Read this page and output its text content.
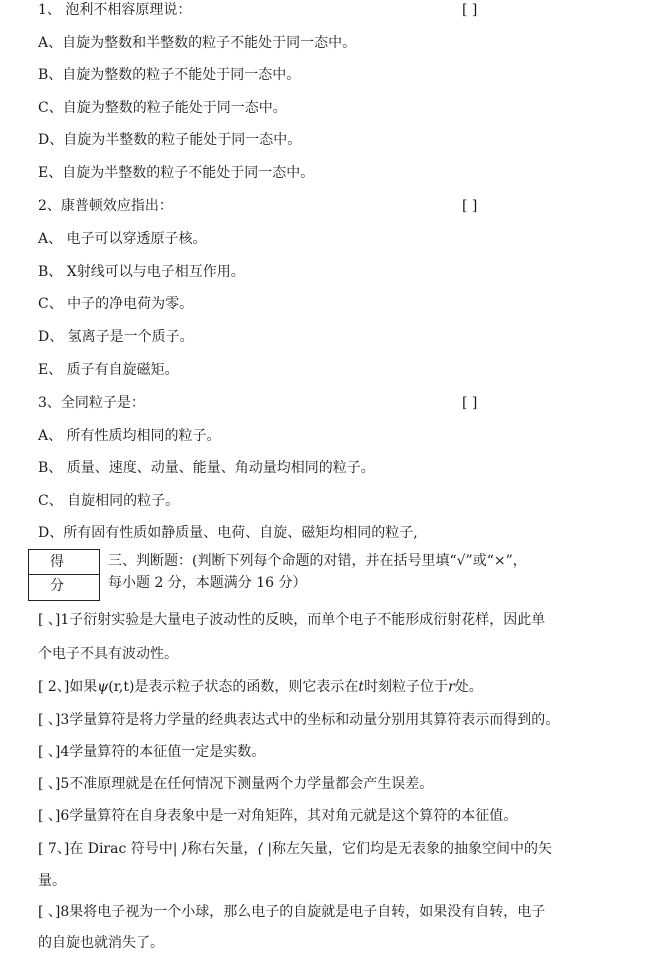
1、 泡利不相容原理说：	[ ]
A、自旋为整数和半整数的粒子不能处于同一态中。
B、自旋为整数的粒子不能处于同一态中。
C、自旋为整数的粒子能处于同一态中。
D、自旋为半整数的粒子能处于同一态中。
E、自旋为半整数的粒子不能处于同一态中。
2、康普顿效应指出：	[ ]
A、 电子可以穿透原子核。
B、 X射线可以与电子相互作用。
C、 中子的净电荷为零。
D、 氢离子是一个质子。
E、 质子有自旋磁矩。
3、全同粒子是：	[ ]
A、 所有性质均相同的粒子。
B、 质量、速度、动量、能量、角动量均相同的粒子。
C、 自旋相同的粒子。
D、所有固有性质如静质量、电荷、自旋、磁矩均相同的粒子,
得 分
三、判断题：(判断下列每个命题的对错，并在括号里填“√”或“×”，
每小题 2 分，本题满分 16 分）
[ 、]1子衍射实验是大量电子波动性的反映，而单个电子不能形成衍射花样，因此单
个电子不具有波动性。
[ 2、]如果ψ(r,t)是表示粒子状态的函数，则它表示在t时刻粒子位于r处。
[ 、]3学量算符是将力学量的经典表达式中的坐标和动量分别用其算符表示而得到的。
[ 、]4学量算符的本征值一定是实数。
[ 、]5不准原理就是在任何情况下测量两个力学量都会产生误差。
[ 、]6学量算符在自身表象中是一对角矩阵，其对角元就是这个算符的本征值。
[ 7、]在 Dirac 符号中| ⟩称右矢量，⟨ |称左矢量，它们均是无表象的抽象空间中的矢
量。
[ 、]8果将电子视为一个小球，那么电子的自旋就是电子自转，如果没有自转，电子
的自旋也就消失了。
